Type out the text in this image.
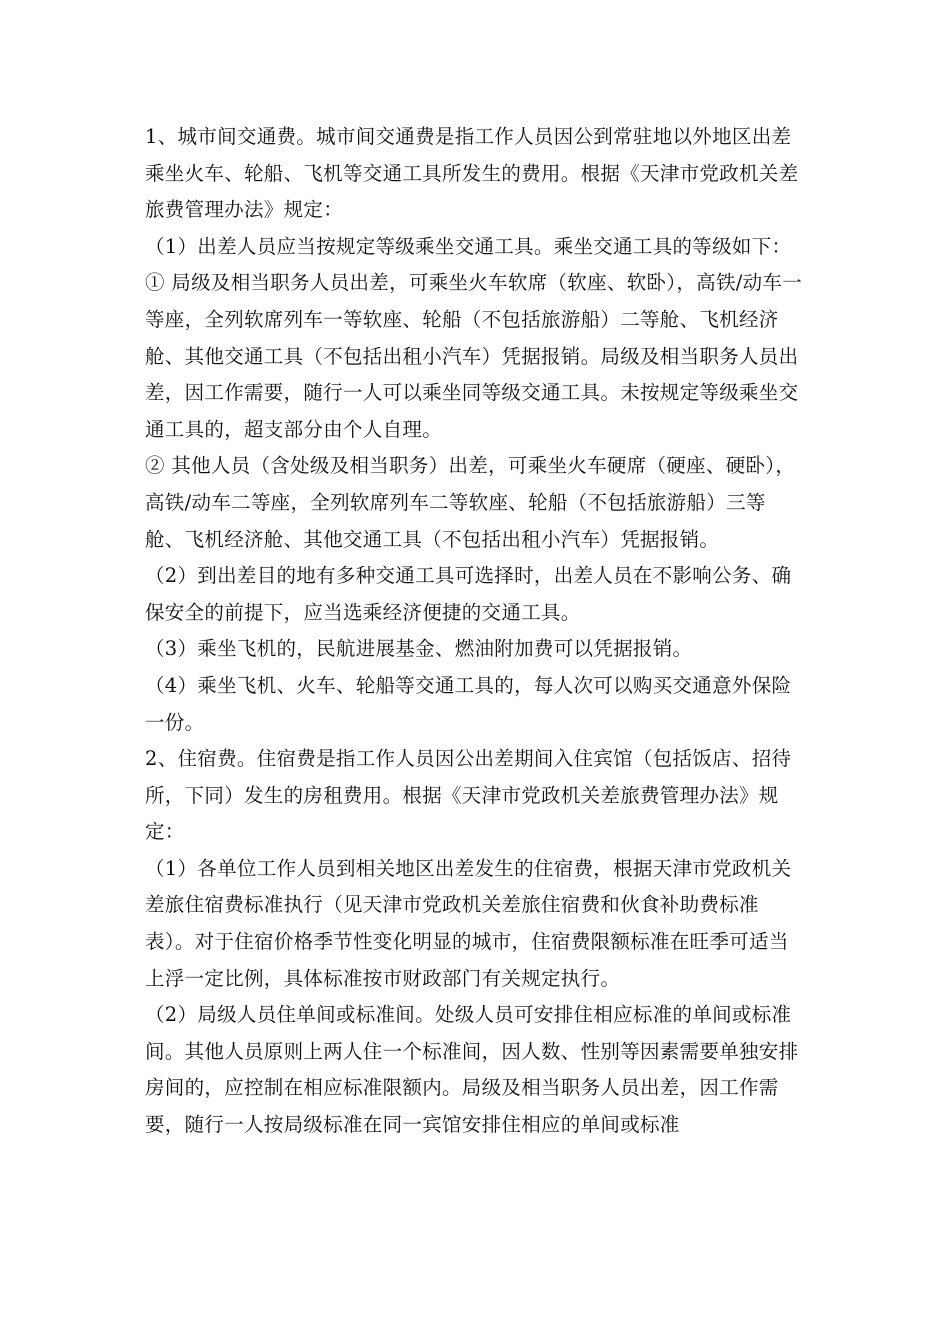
1、城市间交通费。城市间交通费是指工作人员因公到常驻地以外地区出差乘坐火车、轮船、飞机等交通工具所发生的费用。根据《天津市党政机关差旅费管理办法》规定：

（1）出差人员应当按规定等级乘坐交通工具。乘坐交通工具的等级如下：

① 局级及相当职务人员出差，可乘坐火车软席（软座、软卧），高铁/动车一等座，全列软席列车一等软座、轮船（不包括旅游船）二等舱、飞机经济舱、其他交通工具（不包括出租小汽车）凭据报销。局级及相当职务人员出差，因工作需要，随行一人可以乘坐同等级交通工具。未按规定等级乘坐交通工具的，超支部分由个人自理。

② 其他人员（含处级及相当职务）出差，可乘坐火车硬席（硬座、硬卧），高铁/动车二等座，全列软席列车二等软座、轮船（不包括旅游船）三等舱、飞机经济舱、其他交通工具（不包括出租小汽车）凭据报销。

（2）到出差目的地有多种交通工具可选择时，出差人员在不影响公务、确保安全的前提下，应当选乘经济便捷的交通工具。

（3）乘坐飞机的，民航进展基金、燃油附加费可以凭据报销。

（4）乘坐飞机、火车、轮船等交通工具的，每人次可以购买交通意外保险一份。

2、住宿费。住宿费是指工作人员因公出差期间入住宾馆（包括饭店、招待所，下同）发生的房租费用。根据《天津市党政机关差旅费管理办法》规定：

（1）各单位工作人员到相关地区出差发生的住宿费，根据天津市党政机关差旅住宿费标准执行（见天津市党政机关差旅住宿费和伙食补助费标准表）。对于住宿价格季节性变化明显的城市，住宿费限额标准在旺季可适当上浮一定比例，具体标准按市财政部门有关规定执行。

（2）局级人员住单间或标准间。处级人员可安排住相应标准的单间或标准间。其他人员原则上两人住一个标准间，因人数、性别等因素需要单独安排房间的，应控制在相应标准限额内。局级及相当职务人员出差，因工作需要，随行一人按局级标准在同一宾馆安排住相应的单间或标准
